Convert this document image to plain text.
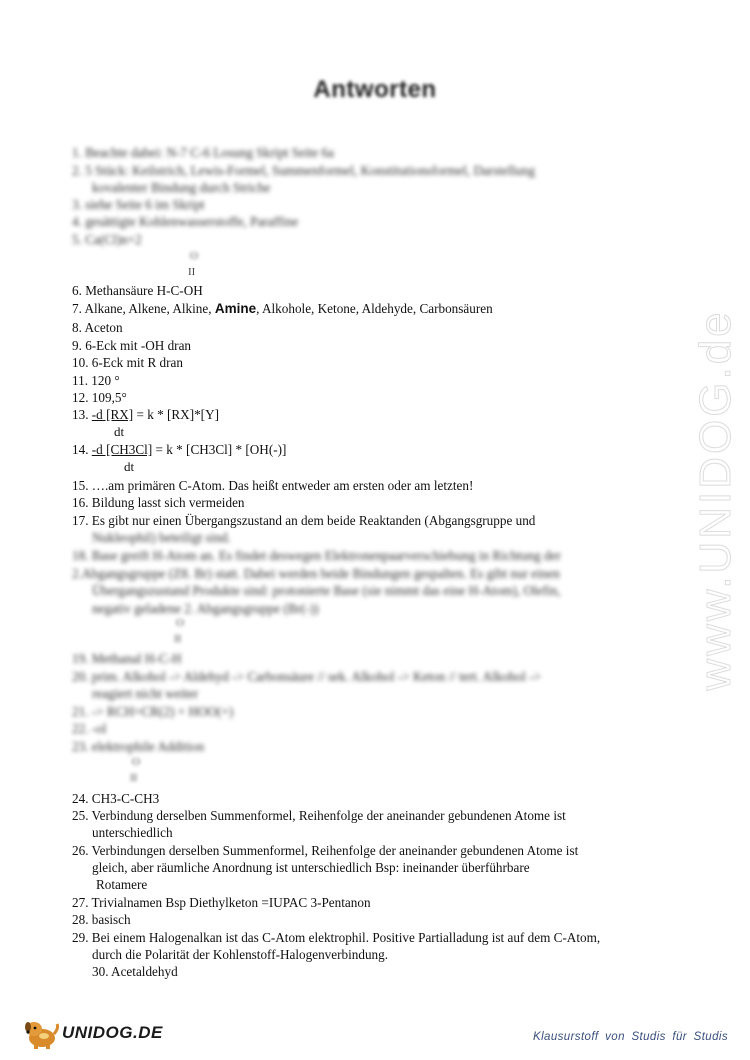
www.UNIDOG.de
Antworten
1. Beachte dabei: N-7 C-6 Losung Skript Seite 6a
2. 5 Stück: Keilstrich, Lewis-Formel, Summenformel, Konstitutionsformel, Darstellung
kovalenter Bindung durch Striche
3. siehe Seite 6 im Skript
4. gesättigte Kohlenwasserstoffe, Paraffine
5. Ca(Cl)n+2
O
II
6. Methansäure H-C-OH
7. Alkane, Alkene, Alkine, Amine, Alkohole, Ketone, Aldehyde, Carbonsäuren
8. Aceton
9. 6-Eck mit -OH dran
10. 6-Eck mit R dran
11. 120 °
12. 109,5°
13. -d [RX] = k * [RX]*[Y]
dt
14. -d [CH3Cl] = k * [CH3Cl] * [OH(-)]
dt
15. ….am primären C-Atom. Das heißt entweder am ersten oder am letzten!
16. Bildung lasst sich vermeiden
17. Es gibt nur einen Übergangszustand an dem beide Reaktanden (Abgangsgruppe und
Nukleophil) beteiligt sind.
18. Base greift H-Atom an. Es findet deswegen Elektronenpaarverschiebung in Richtung der
2.Abgangsgruppe (Z8. Br) statt. Dabei werden beide Bindungen gespalten. Es gibt nur einen
Übergangszustand Produkte sind: protonierte Base (sie nimmt das eine H-Atom), Olefin,
negativ geladene 2. Abgangsgruppe (Br(-))
O
II
19. Methanal H-C-H
20. prim. Alkohol -> Aldehyd -> Carbonsäure // sek. Alkohol -> Keton // tert. Alkohol ->
reagiert nicht weiter
21. -> RCH=CR(2) + HOO(+)
22. -ol
23. elektrophile Addition
O
II
24. CH3-C-CH3
25. Verbindung derselben Summenformel, Reihenfolge der aneinander gebundenen Atome ist
unterschiedlich
26. Verbindungen derselben Summenformel, Reihenfolge der aneinander gebundenen Atome ist
gleich, aber räumliche Anordnung ist unterschiedlich Bsp: ineinander überführbare
Rotamere
27. Trivialnamen Bsp Diethylketon =IUPAC 3-Pentanon
28. basisch
29. Bei einem Halogenalkan ist das C-Atom elektrophil. Positive Partialladung ist auf dem C-Atom,
durch die Polarität der Kohlenstoff-Halogenverbindung.
30. Acetaldehyd
UNIDOG.DE	Klausurstoff von Studis für Studis
